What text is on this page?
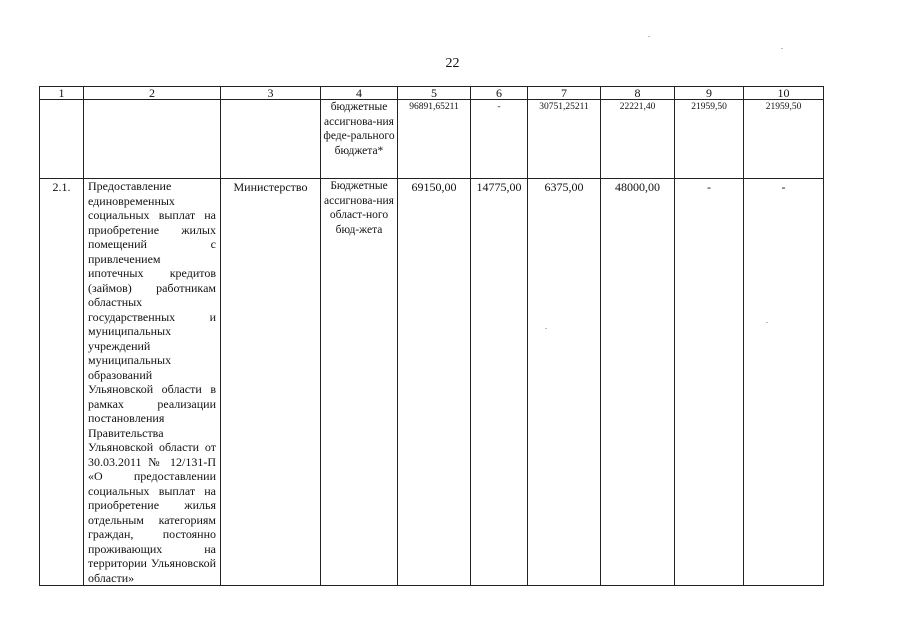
22
1	2	3	4	5	6	7	8	9	10
			бюджетные ассигнова-ния феде-рального бюджета*	96891,65211	-	30751,25211	22221,40	21959,50	21959,50
2.1.	Предоставление единовременных социальных выплат на приобретение жилых помещений с привлечением ипотечных кредитов (займов) работникам областных государственных и муниципальных учреждений муниципальных образований Ульяновской области в рамках реализации постановления Правительства Ульяновской области от 30.03.2011 № 12/131-П «О предоставлении социальных выплат на приобретение жилья отдельным категориям граждан, постоянно проживающих на территории Ульяновской области»	Министерство	Бюджетные ассигнова-ния област-ного бюд-жета	69150,00	14775,00	6375,00	48000,00	-	-
